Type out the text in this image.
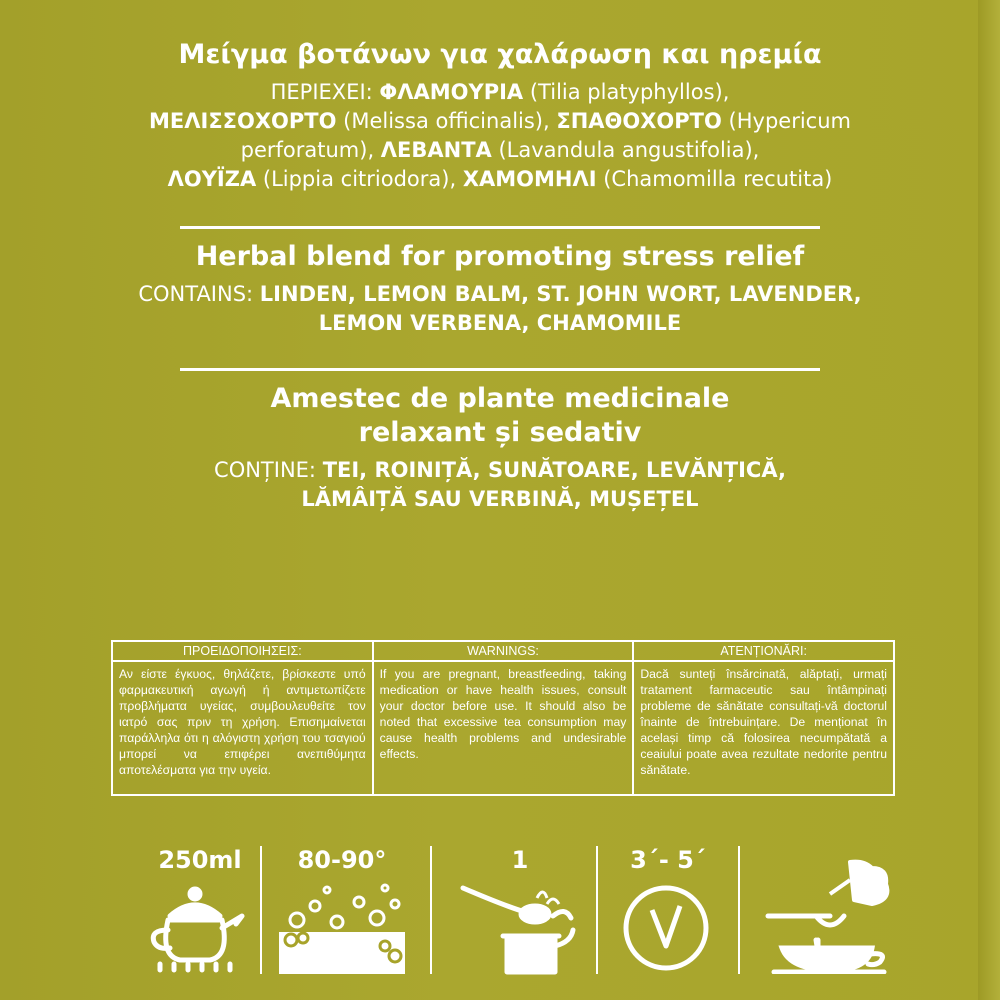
Μείγμα βοτάνων για χαλάρωση και ηρεμία

ΠΕΡΙΕΧΕΙ: ΦΛΑΜΟΥΡΙΑ (Tilia platyphyllos),
ΜΕΛΙΣΣΟΧΟΡΤΟ (Melissa officinalis), ΣΠΑΘΟΧΟΡΤΟ (Hypericum
perforatum), ΛΕΒΑΝΤΑ (Lavandula angustifolia),
ΛΟΥΪΖΑ (Lippia citriodora), ΧΑΜΟΜΗΛΙ (Chamomilla recutita)

Herbal blend for promoting stress relief

CONTAINS: LINDEN, LEMON BALM, ST. JOHN WORT, LAVENDER,
LEMON VERBENA, CHAMOMILE

Amestec de plante medicinale

relaxant și sedativ

CONȚINE: TEI, ROINIȚĂ, SUNĂTOARE, LEVĂNȚICĂ,
LĂMÂIȚĂ SAU VERBINĂ, MUȘEȚEL

ΠΡΟΕΙΔΟΠΟΙΗΣΕΙΣ:
Αν είστε έγκυος, θηλάζετε, βρίσκεστε υπό φαρμακευτική αγωγή ή αντιμετωπίζετε προβλήματα υγείας, συμβουλευθείτε τον ιατρό σας πριν τη χρήση. Επισημαίνεται παράλληλα ότι η αλόγιστη χρήση του τσαγιού μπορεί να επιφέρει ανεπιθύμητα αποτελέσματα για την υγεία.
WARNINGS:
If you are pregnant, breastfeeding, taking medication or have health issues, consult your doctor before use. It should also be noted that excessive tea consumption may cause health problems and undesirable effects.
ATENȚIONĂRI:
Dacă sunteți însărcinată, alăptați, urmați tratament farmaceutic sau întâmpinați probleme de sănătate consultați-vă doctorul înainte de întrebuințare. De menționat în același timp că folosirea necumpătată a ceaiului poate avea rezultate nedorite pentru sănătate.
250ml	80-90°	1	3´- 5´
